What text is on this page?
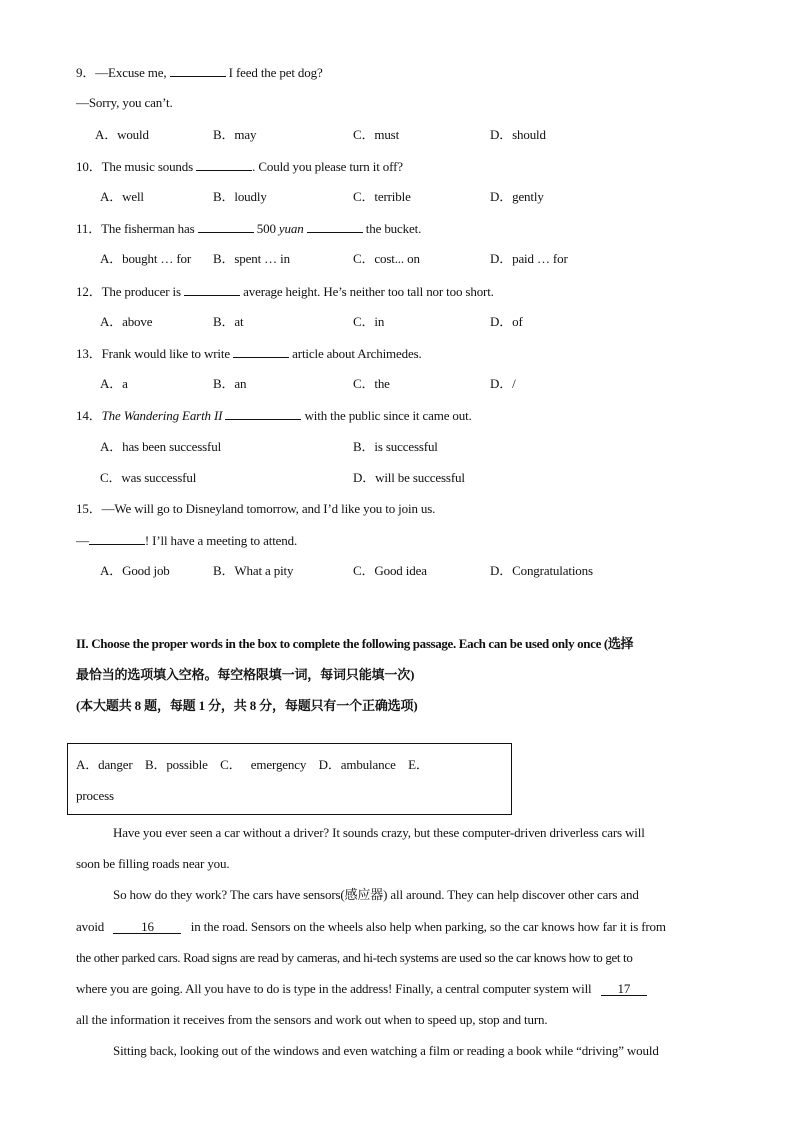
9．—Excuse me,	I feed the pet dog?
—Sorry, you can’t.
A．would	B．may	C．must	D．should
10．The music sounds	. Could you please turn it off?
A．well	B．loudly	C．terrible	D．gently
11．The fisherman has	500 yuan	the bucket.
A．bought … for B．spent … in	C．cost... on	D．paid … for
12．The producer is	average height. He’s neither too tall nor too short.
A．above	B．at	C．in	D．of
13．Frank would like to write	article about Archimedes.
A．a	B．an	C．the	D．/
14．The Wandering Earth II	with the public since it came out.
A．has been successful	B．is successful
C．was successful	D．will be successful
15．—We will go to Disneyland tomorrow, and I’d like you to join us.
—	! I’ll have a meeting to attend.
A．Good job	B．What a pity	C．Good idea	D．Congratulations
II. Choose the proper words in the box to complete the following passage. Each can be used only once (选择
最恰当的选项填入空格。每空格限填一词，每词只能填一次)
(本大题共 8 题，每题 1 分，共 8 分，每题只有一个正确选项)
A．danger    B．possible    C．   emergency    D．ambulance    E．
process
Have you ever seen a car without a driver? It sounds crazy, but these computer-driven driverless cars will
soon be filling roads near you.
So how do they work? The cars have sensors(感应器) all around. They can help discover other cars and
avoid	16	in the road. Sensors on the wheels also help when parking, so the car knows how far it is from
the other parked cars. Road signs are read by cameras, and hi-tech systems are used so the car knows how to get to
where you are going. All you have to do is type in the address! Finally, a central computer system will 17
all the information it receives from the sensors and work out when to speed up, stop and turn.
Sitting back, looking out of the windows and even watching a film or reading a book while “driving” would
